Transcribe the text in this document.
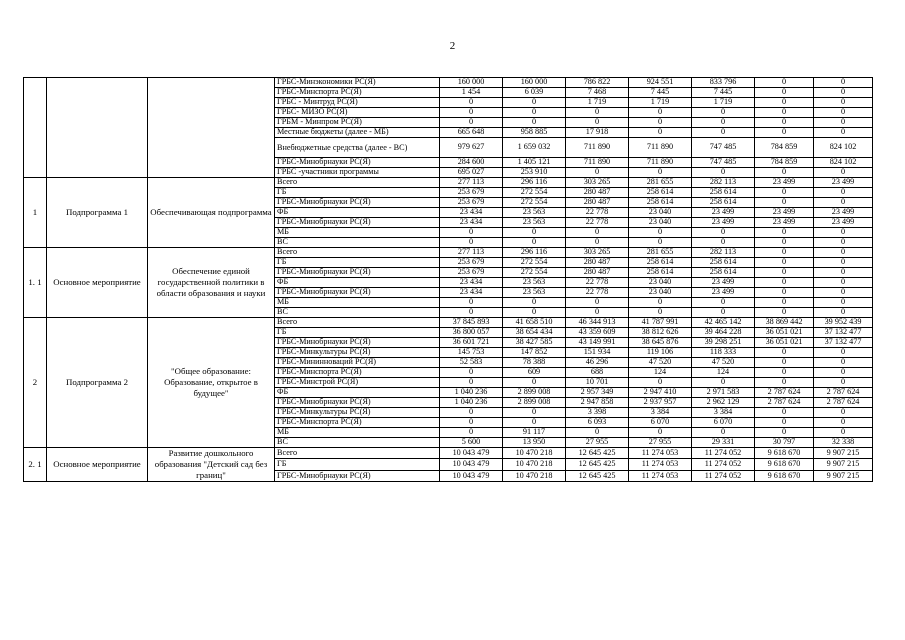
2
			ГРБС-Минэкономики РС(Я)	160 000	160 000	786 822	924 551	833 796	0	0
			ГРБС-Минспорта РС(Я)	1 454	6 039	7 468	7 445	7 445	0	0
			ГРБС - Минтруд РС(Я)	0	0	1 719	1 719	1 719	0	0
			ГРБС- МИЗО РС(Я)	0	0	0	0	0	0	0
			ГРБМ - Минпром РС(Я)	0	0	0	0	0	0	0
			Местные бюджеты (далее - МБ)	665 648	958 885	17 918	0	0	0	0
			Внебюджетные средства (далее - ВС)	979 627	1 659 032	711 890	711 890	747 485	784 859	824 102
			ГРБС-Минобрнауки РС(Я)	284 600	1 405 121	711 890	711 890	747 485	784 859	824 102
			ГРБС -участники программы	695 027	253 910	0	0	0	0	0
1	Подпрограмма 1	Обеспечивающая подпрограмма	Всего	277 113	296 116	303 265	281 655	282 113	23 499	23 499
			ГБ	253 679	272 554	280 487	258 614	258 614	0	0
			ГРБС-Минобрнауки РС(Я)	253 679	272 554	280 487	258 614	258 614	0	0
			ФБ	23 434	23 563	22 778	23 040	23 499	23 499	23 499
			ГРБС-Минобрнауки РС(Я)	23 434	23 563	22 778	23 040	23 499	23 499	23 499
			МБ	0	0	0	0	0	0	0
			ВС	0	0	0	0	0	0	0
1. 1	Основное мероприятие	Обеспечение единой государственной политики в области образования и науки	Всего	277 113	296 116	303 265	281 655	282 113	0	0
			ГБ	253 679	272 554	280 487	258 614	258 614	0	0
			ГРБС-Минобрнауки РС(Я)	253 679	272 554	280 487	258 614	258 614	0	0
			ФБ	23 434	23 563	22 778	23 040	23 499	0	0
			ГРБС-Минобрнауки РС(Я)	23 434	23 563	22 778	23 040	23 499	0	0
			МБ	0	0	0	0	0	0	0
			ВС	0	0	0	0	0	0	0
2	Подпрограмма 2	"Общее образование: Образование, открытое в будущее"	Всего	37 845 893	41 658 510	46 344 913	41 787 991	42 465 142	38 869 442	39 952 439
			ГБ	36 800 057	38 654 434	43 359 609	38 812 626	39 464 228	36 051 021	37 132 477
			ГРБС-Минобрнауки РС(Я)	36 601 721	38 427 585	43 149 991	38 645 876	39 298 251	36 051 021	37 132 477
			ГРБС-Минкультуры РС(Я)	145 753	147 852	151 934	119 106	118 333	0	0
			ГРБС-Мининноваций РС(Я)	52 583	78 388	46 296	47 520	47 520	0	0
			ГРБС-Минспорта РС(Я)	0	609	688	124	124	0	0
			ГРБС-Минстрой РС(Я)	0	0	10 701	0	0	0	0
			ФБ	1 040 236	2 899 008	2 957 349	2 947 410	2 971 583	2 787 624	2 787 624
			ГРБС-Минобрнауки РС(Я)	1 040 236	2 899 008	2 947 858	2 937 957	2 962 129	2 787 624	2 787 624
			ГРБС-Минкультуры РС(Я)	0	0	3 398	3 384	3 384	0	0
			ГРБС-Минспорта РС(Я)	0	0	6 093	6 070	6 070	0	0
			МБ	0	91 117	0	0	0	0	0
			ВС	5 600	13 950	27 955	27 955	29 331	30 797	32 338
2. 1	Основное мероприятие	Развитие дошкольного образования "Детский сад без границ"	Всего	10 043 479	10 470 218	12 645 425	11 274 053	11 274 052	9 618 670	9 907 215
			ГБ	10 043 479	10 470 218	12 645 425	11 274 053	11 274 052	9 618 670	9 907 215
			ГРБС-Минобрнауки РС(Я)	10 043 479	10 470 218	12 645 425	11 274 053	11 274 052	9 618 670	9 907 215
